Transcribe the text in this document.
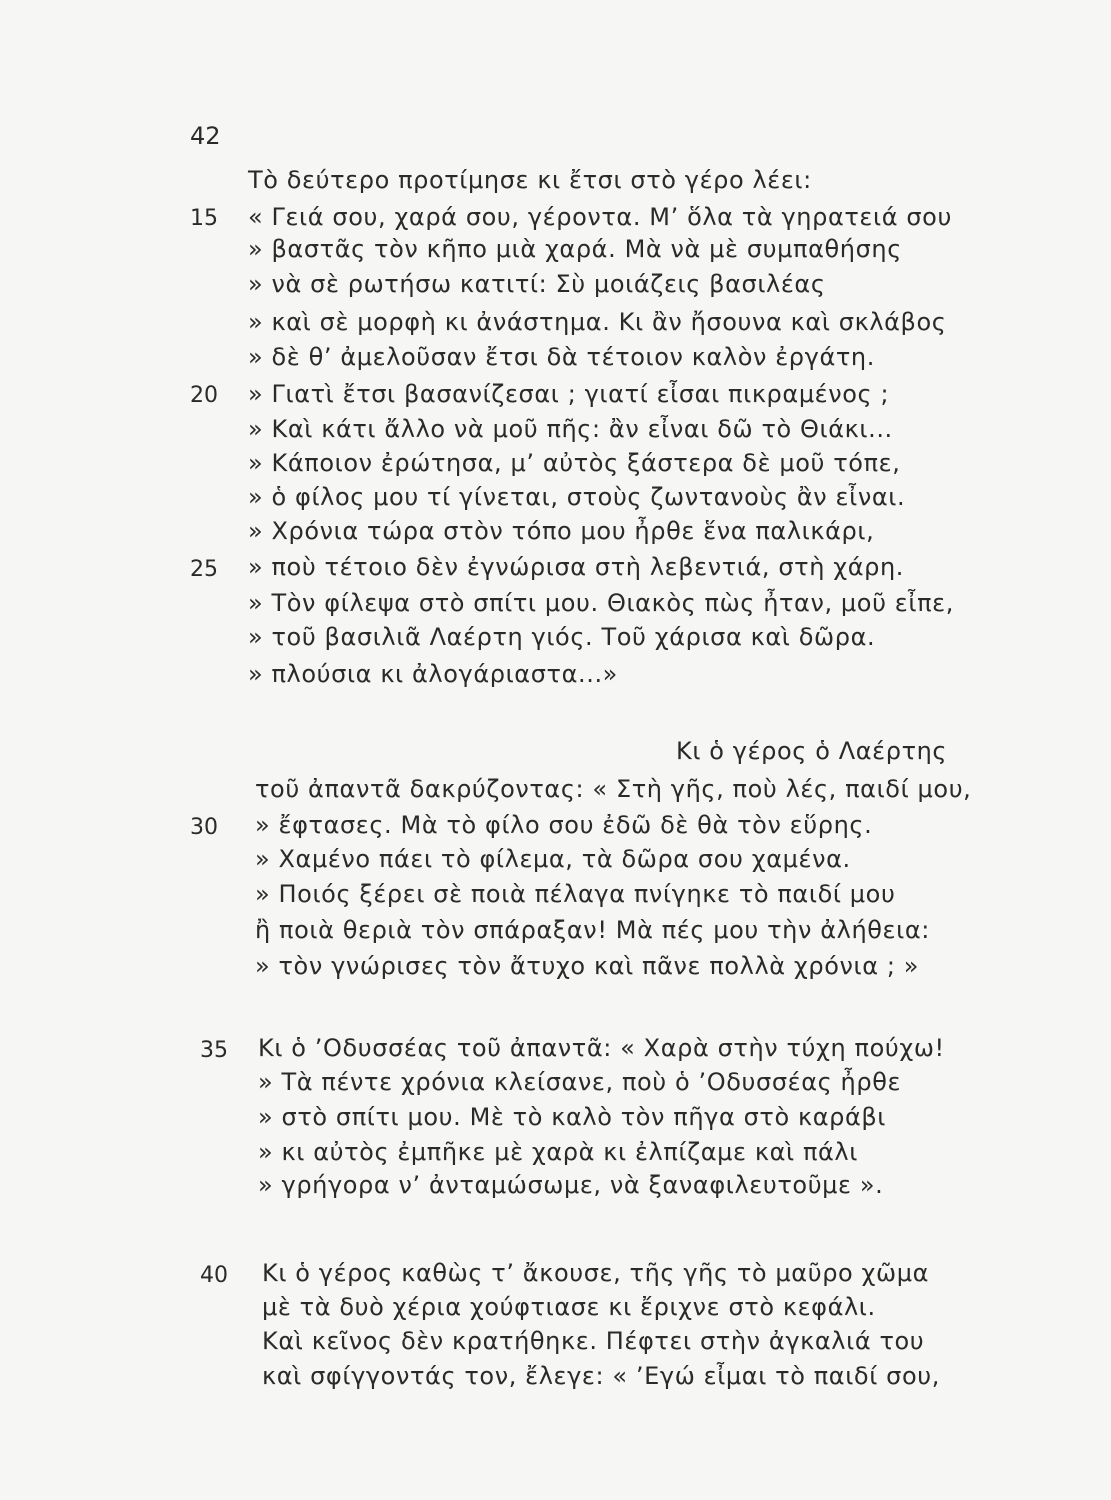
42
15
20
25
30
35
40
Τὸ δεύτερο προτίμησε κι ἔτσι στὸ γέρο λέει:
« Γειά σου, χαρά σου, γέροντα. Μ’ ὅλα τὰ γηρατειά σου
» βαστᾶς τὸν κῆπο μιὰ χαρά. Μὰ νὰ μὲ συμπαθήσης
» νὰ σὲ ρωτήσω κατιτί: Σὺ μοιάζεις βασιλέας
» καὶ σὲ μορφὴ κι ἀνάστημα. Κι ἂν ἤσουνα καὶ σκλάβος
» δὲ θ’ ἀμελοῦσαν ἔτσι δὰ τέτοιον καλὸν ἐργάτη.
» Γιατὶ ἔτσι βασανίζεσαι ; γιατί εἶσαι πικραμένος ;
» Καὶ κάτι ἄλλο νὰ μοῦ πῆς: ἂν εἶναι δῶ τὸ Θιάκι...
» Κάποιον ἐρώτησα, μ’ αὐτὸς ξάστερα δὲ μοῦ τόπε,
» ὁ φίλος μου τί γίνεται, στοὺς ζωντανοὺς ἂν εἶναι.
» Χρόνια τώρα στὸν τόπο μου ἦρθε ἕνα παλικάρι,
» ποὺ τέτοιο δὲν ἐγνώρισα στὴ λεβεντιά, στὴ χάρη.
» Τὸν φίλεψα στὸ σπίτι μου. Θιακὸς πὼς ἦταν, μοῦ εἶπε,
» τοῦ βασιλιᾶ Λαέρτη γιός. Τοῦ χάρισα καὶ δῶρα.
» πλούσια κι ἀλογάριαστα...»
Κι ὁ γέρος ὁ Λαέρτης
τοῦ ἀπαντᾶ δακρύζοντας: « Στὴ γῆς, ποὺ λές, παιδί μου,
» ἔφτασες. Μὰ τὸ φίλο σου ἐδῶ δὲ θὰ τὸν εὕρης.
» Χαμένο πάει τὸ φίλεμα, τὰ δῶρα σου χαμένα.
» Ποιός ξέρει σὲ ποιὰ πέλαγα πνίγηκε τὸ παιδί μου
ἢ ποιὰ θεριὰ τὸν σπάραξαν! Μὰ πές μου τὴν ἀλήθεια:
» τὸν γνώρισες τὸν ἄτυχο καὶ πᾶνε πολλὰ χρόνια ; »
Κι ὁ ’Οδυσσέας τοῦ ἀπαντᾶ: « Χαρὰ στὴν τύχη πούχω!
» Τὰ πέντε χρόνια κλείσανε, ποὺ ὁ ’Οδυσσέας ἦρθε
» στὸ σπίτι μου. Μὲ τὸ καλὸ τὸν πῆγα στὸ καράβι
» κι αὐτὸς ἐμπῆκε μὲ χαρὰ κι ἐλπίζαμε καὶ πάλι
» γρήγορα ν’ ἀνταμώσωμε, νὰ ξαναφιλευτοῦμε ».
Κι ὁ γέρος καθὼς τ’ ἄκουσε, τῆς γῆς τὸ μαῦρο χῶμα
μὲ τὰ δυὸ χέρια χούφτιασε κι ἔριχνε στὸ κεφάλι.
Καὶ κεῖνος δὲν κρατήθηκε. Πέφτει στὴν ἀγκαλιά του
καὶ σφίγγοντάς τον, ἔλεγε: « ’Εγώ εἶμαι τὸ παιδί σου,
